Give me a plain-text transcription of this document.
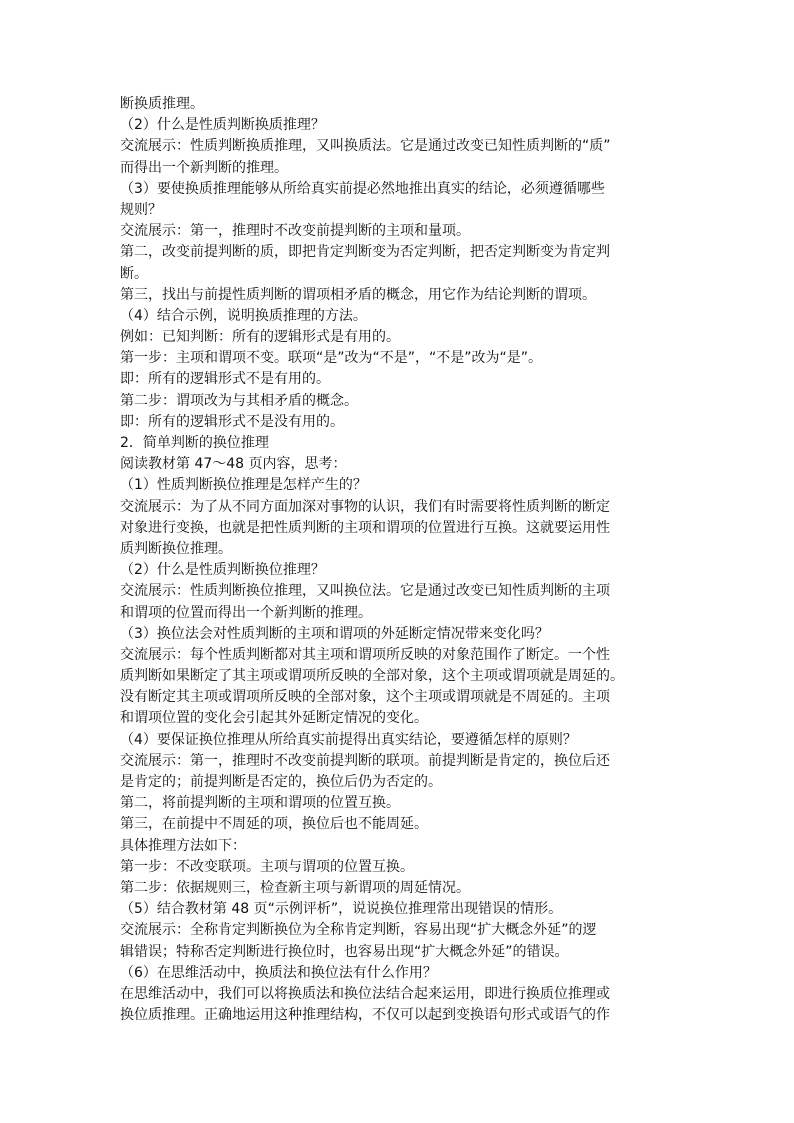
断换质推理。
（2）什么是性质判断换质推理？
交流展示：性质判断换质推理，又叫换质法。它是通过改变已知性质判断的“质”
而得出一个新判断的推理。
（3）要使换质推理能够从所给真实前提必然地推出真实的结论，必须遵循哪些
规则？
交流展示：第一，推理时不改变前提判断的主项和量项。
第二，改变前提判断的质，即把肯定判断变为否定判断，把否定判断变为肯定判
断。
第三，找出与前提性质判断的谓项相矛盾的概念，用它作为结论判断的谓项。
（4）结合示例，说明换质推理的方法。
例如：已知判断：所有的逻辑形式是有用的。
第一步：主项和谓项不变。联项“是”改为“不是”，“不是”改为“是”。
即：所有的逻辑形式不是有用的。
第二步：谓项改为与其相矛盾的概念。
即：所有的逻辑形式不是没有用的。
2．简单判断的换位推理
阅读教材第 47～48 页内容，思考：
（1）性质判断换位推理是怎样产生的？
交流展示：为了从不同方面加深对事物的认识，我们有时需要将性质判断的断定
对象进行变换，也就是把性质判断的主项和谓项的位置进行互换。这就要运用性
质判断换位推理。
（2）什么是性质判断换位推理？
交流展示：性质判断换位推理，又叫换位法。它是通过改变已知性质判断的主项
和谓项的位置而得出一个新判断的推理。
（3）换位法会对性质判断的主项和谓项的外延断定情况带来变化吗？
交流展示：每个性质判断都对其主项和谓项所反映的对象范围作了断定。一个性
质判断如果断定了其主项或谓项所反映的全部对象，这个主项或谓项就是周延的。
没有断定其主项或谓项所反映的全部对象，这个主项或谓项就是不周延的。主项
和谓项位置的变化会引起其外延断定情况的变化。
（4）要保证换位推理从所给真实前提得出真实结论，要遵循怎样的原则？
交流展示：第一，推理时不改变前提判断的联项。前提判断是肯定的，换位后还
是肯定的；前提判断是否定的，换位后仍为否定的。
第二，将前提判断的主项和谓项的位置互换。
第三，在前提中不周延的项，换位后也不能周延。
具体推理方法如下：
第一步：不改变联项。主项与谓项的位置互换。
第二步：依据规则三，检查新主项与新谓项的周延情况。
（5）结合教材第 48 页“示例评析”，说说换位推理常出现错误的情形。
交流展示：全称肯定判断换位为全称肯定判断，容易出现“扩大概念外延”的逻
辑错误；特称否定判断进行换位时，也容易出现“扩大概念外延”的错误。
（6）在思维活动中，换质法和换位法有什么作用？
在思维活动中，我们可以将换质法和换位法结合起来运用，即进行换质位推理或
换位质推理。正确地运用这种推理结构，不仅可以起到变换语句形式或语气的作
